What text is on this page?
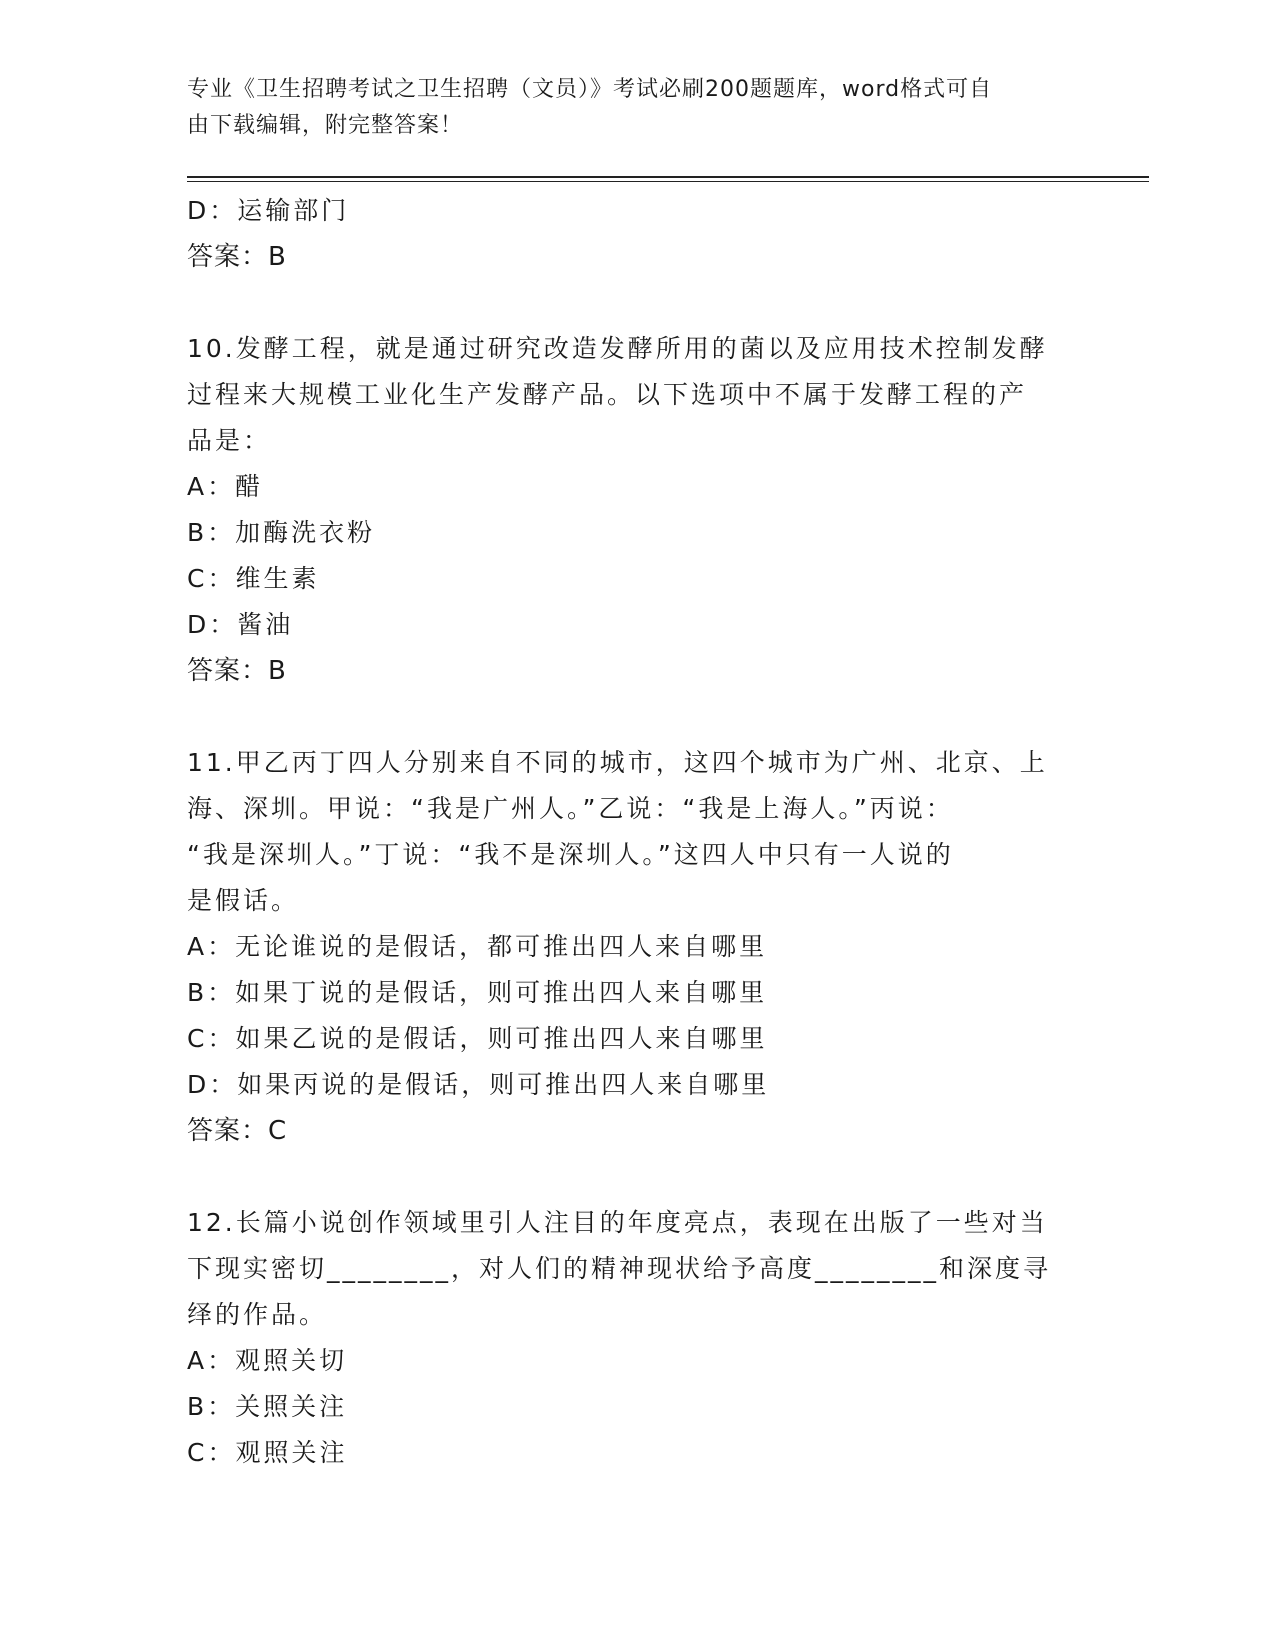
专业《卫生招聘考试之卫生招聘（文员）》考试必刷200题题库，word格式可自
由下载编辑，附完整答案！
D：运输部门
答案：B
10.发酵工程，就是通过研究改造发酵所用的菌以及应用技术控制发酵
过程来大规模工业化生产发酵产品。以下选项中不属于发酵工程的产
品是：
A：醋
B：加酶洗衣粉
C：维生素
D：酱油
答案：B
11.甲乙丙丁四人分别来自不同的城市，这四个城市为广州、北京、上
海、深圳。甲说：“我是广州人。”乙说：“我是上海人。”丙说：
“我是深圳人。”丁说：“我不是深圳人。”这四人中只有一人说的
是假话。
A：无论谁说的是假话，都可推出四人来自哪里
B：如果丁说的是假话，则可推出四人来自哪里
C：如果乙说的是假话，则可推出四人来自哪里
D：如果丙说的是假话，则可推出四人来自哪里
答案：C
12.长篇小说创作领域里引人注目的年度亮点，表现在出版了一些对当
下现实密切________，对人们的精神现状给予高度________和深度寻
绎的作品。
A：观照关切
B：关照关注
C：观照关注
